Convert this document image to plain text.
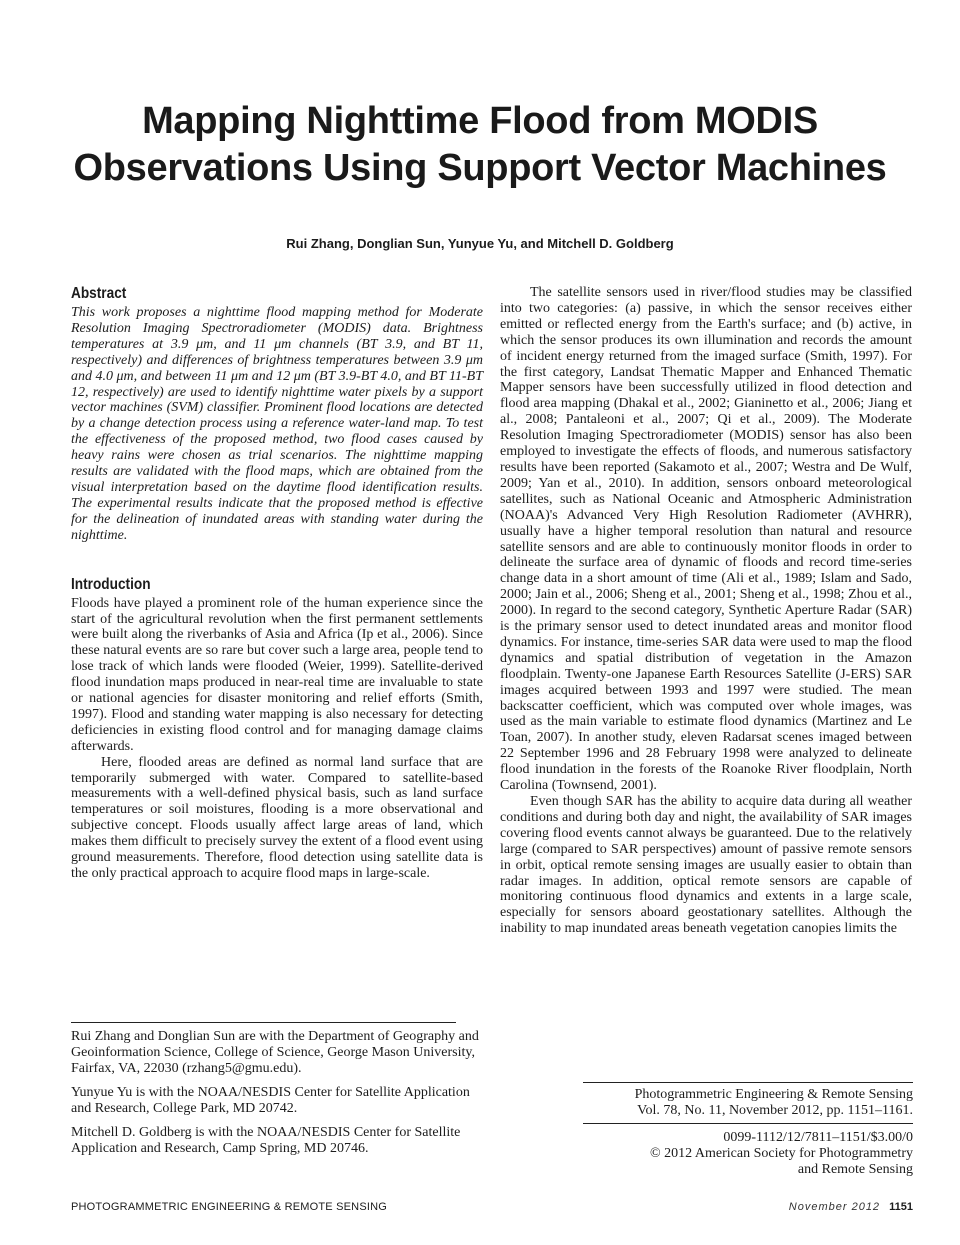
Mapping Nighttime Flood from MODIS
Observations Using Support Vector Machines
Rui Zhang, Donglian Sun, Yunyue Yu, and Mitchell D. Goldberg
Abstract

This work proposes a nighttime flood mapping method for Moderate Resolution Imaging Spectroradiometer (MODIS) data. Brightness temperatures at 3.9 μm, and 11 μm channels (BT 3.9, and BT 11, respectively) and differences of brightness temperatures between 3.9 μm and 4.0 μm, and between 11 μm and 12 μm (BT 3.9-BT 4.0, and BT 11-BT 12, respectively) are used to identify nighttime water pixels by a support vector machines (SVM) classifier. Prominent flood locations are detected by a change detection process using a reference water-land map. To test the effectiveness of the proposed method, two flood cases caused by heavy rains were chosen as trial scenarios. The nighttime mapping results are validated with the flood maps, which are obtained from the visual interpretation based on the daytime flood identification results. The experimental results indicate that the proposed method is effective for the delineation of inundated areas with standing water during the nighttime.

Introduction

Floods have played a prominent role of the human experience since the start of the agricultural revolution when the first permanent settlements were built along the riverbanks of Asia and Africa (Ip et al., 2006). Since these natural events are so rare but cover such a large area, people tend to lose track of which lands were flooded (Weier, 1999). Satellite-derived flood inundation maps produced in near-real time are invaluable to state or national agencies for disaster monitoring and relief efforts (Smith, 1997). Flood and standing water mapping is also necessary for detecting deficiencies in existing flood control and for managing damage claims afterwards.

Here, flooded areas are defined as normal land surface that are temporarily submerged with water. Compared to satellite-based measurements with a well-defined physical basis, such as land surface temperatures or soil moistures, flooding is a more observational and subjective concept. Floods usually affect large areas of land, which makes them difficult to precisely survey the extent of a flood event using ground measurements. Therefore, flood detection using satellite data is the only practical approach to acquire flood maps in large-scale.

The satellite sensors used in river/flood studies may be classified into two categories: (a) passive, in which the sensor receives either emitted or reflected energy from the Earth's surface; and (b) active, in which the sensor produces its own illumination and records the amount of incident energy returned from the imaged surface (Smith, 1997). For the first category, Landsat Thematic Mapper and Enhanced Thematic Mapper sensors have been successfully utilized in flood detection and flood area mapping (Dhakal et al., 2002; Gianinetto et al., 2006; Jiang et al., 2008; Pantaleoni et al., 2007; Qi et al., 2009). The Moderate Resolution Imaging Spectroradiometer (MODIS) sensor has also been employed to investigate the effects of floods, and numerous satisfactory results have been reported (Sakamoto et al., 2007; Westra and De Wulf, 2009; Yan et al., 2010). In addition, sensors onboard meteorological satellites, such as National Oceanic and Atmospheric Administration (NOAA)'s Advanced Very High Resolution Radiometer (AVHRR), usually have a higher temporal resolution than natural and resource satellite sensors and are able to continuously monitor floods in order to delineate the surface area of dynamic of floods and record time-series change data in a short amount of time (Ali et al., 1989; Islam and Sado, 2000; Jain et al., 2006; Sheng et al., 2001; Sheng et al., 1998; Zhou et al., 2000). In regard to the second category, Synthetic Aperture Radar (SAR) is the primary sensor used to detect inundated areas and monitor flood dynamics. For instance, time-series SAR data were used to map the flood dynamics and spatial distribution of vegetation in the Amazon floodplain. Twenty-one Japanese Earth Resources Satellite (J-ERS) SAR images acquired between 1993 and 1997 were studied. The mean backscatter coefficient, which was computed over whole images, was used as the main variable to estimate flood dynamics (Martinez and Le Toan, 2007). In another study, eleven Radarsat scenes imaged between 22 September 1996 and 28 February 1998 were analyzed to delineate flood inundation in the forests of the Roanoke River floodplain, North Carolina (Townsend, 2001).

Even though SAR has the ability to acquire data during all weather conditions and during both day and night, the availability of SAR images covering flood events cannot always be guaranteed. Due to the relatively large (compared to SAR perspectives) amount of passive remote sensors in orbit, optical remote sensing images are usually easier to obtain than radar images. In addition, optical remote sensors are capable of monitoring continuous flood dynamics and extents in a large scale, especially for sensors aboard geostationary satellites. Although the inability to map inundated areas beneath vegetation canopies limits the

Rui Zhang and Donglian Sun are with the Department of Geography and Geoinformation Science, College of Science, George Mason University, Fairfax, VA, 22030 (rzhang5@gmu.edu).

Yunyue Yu is with the NOAA/NESDIS Center for Satellite Application and Research, College Park, MD 20742.

Mitchell D. Goldberg is with the NOAA/NESDIS Center for Satellite Application and Research, Camp Spring, MD 20746.

Photogrammetric Engineering & Remote Sensing
Vol. 78, No. 11, November 2012, pp. 1151–1161.
0099-1112/12/7811–1151/$3.00/0
© 2012 American Society for Photogrammetry
and Remote Sensing
PHOTOGRAMMETRIC ENGINEERING & REMOTE SENSING	November 2012 1151
